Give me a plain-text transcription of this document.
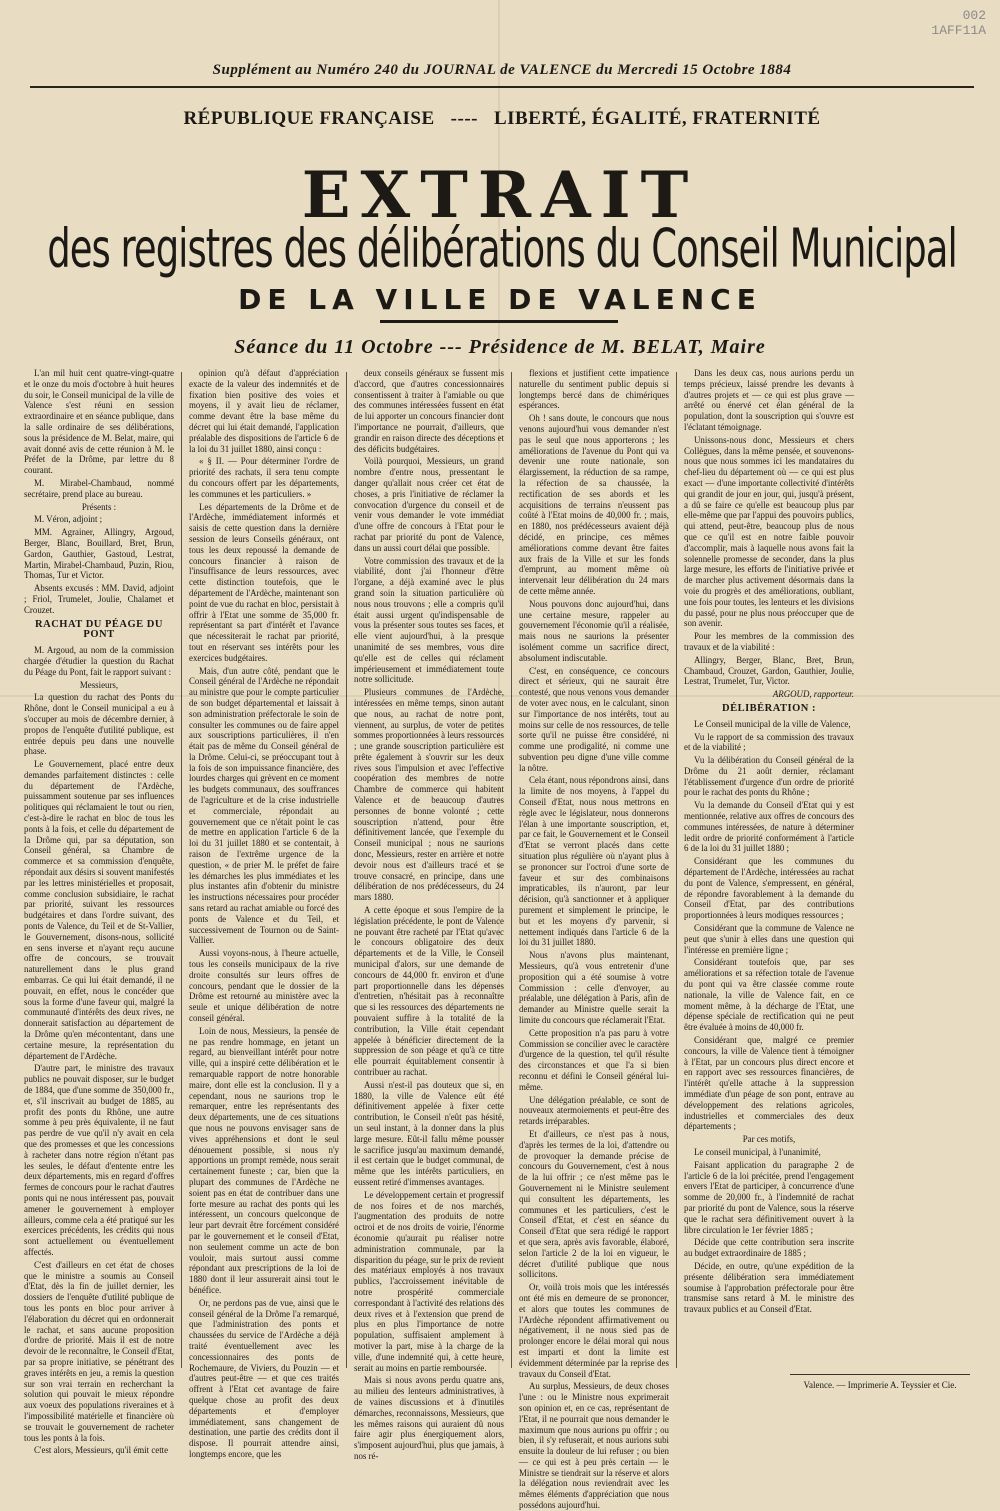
002
1AFF11A
Supplément au Numéro 240 du JOURNAL de VALENCE du Mercredi 15 Octobre 1884
RÉPUBLIQUE FRANÇAISE ---- LIBERTÉ, ÉGALITÉ, FRATERNITÉ
EXTRAIT
des registres des délibérations du Conseil Municipal
DE LA VILLE DE VALENCE
Séance du 11 Octobre --- Présidence de M. BELAT, Maire

L'an mil huit cent quatre-vingt-quatre et le onze du mois d'octobre à huit heures du soir, le Conseil municipal de la ville de Valence s'est réuni en session extraordinaire et en séance publique, dans la salle ordinaire de ses délibérations, sous la présidence de M. Belat, maire, qui avait donné avis de cette réunion à M. le Préfet de la Drôme, par lettre du 8 courant.

M. Mirabel-Chambaud, nommé secrétaire, prend place au bureau.

Présents :

M. Véron, adjoint ;

MM. Agrainer, Allingry, Argoud, Berger, Blanc, Bouillard, Bret, Brun, Gardon, Gauthier, Gastoud, Lestrat, Martin, Mirabel-Chambaud, Puzin, Riou, Thomas, Tur et Victor.

Absents excusés : MM. David, adjoint ; Friol, Trumelet, Joulie, Chalamet et Crouzet.

RACHAT DU PÉAGE DU PONT

M. Argoud, au nom de la commission chargée d'étudier la question du Rachat du Péage du Pont, fait le rapport suivant :

Messieurs,

La question du rachat des Ponts du Rhône, dont le Conseil municipal a eu à s'occuper au mois de décembre dernier, à propos de l'enquête d'utilité publique, est entrée depuis peu dans une nouvelle phase.

Le Gouvernement, placé entre deux demandes parfaitement distinctes : celle du département de l'Ardèche, puissamment soutenue par ses influences politiques qui réclamaient le tout ou rien, c'est-à-dire le rachat en bloc de tous les ponts à la fois, et celle du département de la Drôme qui, par sa députation, son Conseil général, sa Chambre de commerce et sa commission d'enquête, répondait aux désirs si souvent manifestés par les lettres ministérielles et proposait, comme conclusion subsidiaire, le rachat par priorité, suivant les ressources budgétaires et dans l'ordre suivant, des ponts de Valence, du Teil et de St-Vallier, le Gouvernement, disons-nous, sollicité en sens inverse et n'ayant reçu aucune offre de concours, se trouvait naturellement dans le plus grand embarras. Ce qui lui était demandé, il ne pouvait, en effet, nous le concéder que sous la forme d'une faveur qui, malgré la communauté d'intérêts des deux rives, ne donnerait satisfaction au département de la Drôme qu'en mécontentant, dans une certaine mesure, la représentation du département de l'Ardèche.

D'autre part, le ministre des travaux publics ne pouvait disposer, sur le budget de 1884, que d'une somme de 350,000 fr., et, s'il inscrivait au budget de 1885, au profit des ponts du Rhône, une autre somme à peu près équivalente, il ne faut pas perdre de vue qu'il n'y avait en cela que des promesses et que les concessions à racheter dans notre région n'étant pas les seules, le défaut d'entente entre les deux départements, mis en regard d'offres fermes de concours pour le rachat d'autres ponts qui ne nous intéressent pas, pouvait amener le gouvernement à employer ailleurs, comme cela a été pratiqué sur les exercices précédents, les crédits qui nous sont actuellement ou éventuellement affectés.

C'est d'ailleurs en cet état de choses que le ministre a soumis au Conseil d'Etat, dès la fin de juillet dernier, les dossiers de l'enquête d'utilité publique de tous les ponts en bloc pour arriver à l'élaboration du décret qui en ordonnerait le rachat, et sans aucune proposition d'ordre de priorité. Mais il est de notre devoir de le reconnaître, le Conseil d'Etat, par sa propre initiative, se pénétrant des graves intérêts en jeu, a remis la question sur son vrai terrain en recherchant la solution qui pouvait le mieux répondre aux voeux des populations riveraines et à l'impossibilité matérielle et financière où se trouvait le gouvernement de racheter tous les ponts à la fois.

C'est alors, Messieurs, qu'il émit cette

opinion qu'à défaut d'appréciation exacte de la valeur des indemnités et de fixation bien positive des voies et moyens, il y avait lieu de réclamer, comme devant être la base même du décret qui lui était demandé, l'application préalable des dispositions de l'article 6 de la loi du 31 juillet 1880, ainsi conçu :

« § II. — Pour déterminer l'ordre de priorité des rachats, il sera tenu compte du concours offert par les départements, les communes et les particuliers. »

Les départements de la Drôme et de l'Ardèche, immédiatement informés et saisis de cette question dans la dernière session de leurs Conseils généraux, ont tous les deux repoussé la demande de concours financier à raison de l'insuffisance de leurs ressources, avec cette distinction toutefois, que le département de l'Ardèche, maintenant son point de vue du rachat en bloc, persistait à offrir à l'Etat une somme de 35,000 fr. représentant sa part d'intérêt et l'avance que nécessiterait le rachat par priorité, tout en réservant ses intérêts pour les exercices budgétaires.

Mais, d'un autre côté, pendant que le Conseil général de l'Ardèche ne répondait au ministre que pour le compte particulier de son budget départemental et laissait à son administration préfectorale le soin de consulter les communes ou de faire appel aux souscriptions particulières, il n'en était pas de même du Conseil général de la Drôme. Celui-ci, se préoccupant tout à la fois de son impuissance financière, des lourdes charges qui grèvent en ce moment les budgets communaux, des souffrances de l'agriculture et de la crise industrielle et commerciale, répondait au gouvernement que ce n'était point le cas de mettre en application l'article 6 de la loi du 31 juillet 1880 et se contentait, à raison de l'extrême urgence de la question, « de prier M. le préfet de faire les démarches les plus immédiates et les plus instantes afin d'obtenir du ministre les instructions nécessaires pour procéder sans retard au rachat amiable ou forcé des ponts de Valence et du Teil, et successivement de Tournon ou de Saint-Vallier.

Aussi voyons-nous, à l'heure actuelle, tous les conseils municipaux de la rive droite consultés sur leurs offres de concours, pendant que le dossier de la Drôme est retourné au ministère avec la seule et unique délibération de notre conseil général.

Loin de nous, Messieurs, la pensée de ne pas rendre hommage, en jetant un regard, au bienveillant intérêt pour notre ville, qui a inspiré cette délibération et le remarquable rapport de notre honorable maire, dont elle est la conclusion. Il y a cependant, nous ne saurions trop le remarquer, entre les représentants des deux départements, une de ces situations que nous ne pouvons envisager sans de vives appréhensions et dont le seul dénouement possible, si nous n'y apportions un prompt remède, nous serait certainement funeste ; car, bien que la plupart des communes de l'Ardèche ne soient pas en état de contribuer dans une forte mesure au rachat des ponts qui les intéressent, un concours quelconque de leur part devrait être forcément considéré par le gouvernement et le conseil d'Etat, non seulement comme un acte de bon vouloir, mais surtout aussi comme répondant aux prescriptions de la loi de 1880 dont il leur assurerait ainsi tout le bénéfice.

Or, ne perdons pas de vue, ainsi que le conseil général de la Drôme l'a remarqué, que l'administration des ponts et chaussées du service de l'Ardèche a déjà traité éventuellement avec les concessionnaires des ponts de Rochemaure, de Viviers, du Pouzin — et d'autres peut-être — et que ces traités offrent à l'Etat cet avantage de faire quelque chose au profit des deux départements et d'employer immédiatement, sans changement de destination, une partie des crédits dont il dispose. Il pourrait attendre ainsi, longtemps encore, que les

deux conseils généraux se fussent mis d'accord, que d'autres concessionnaires consentissent à traiter à l'amiable ou que des communes intéressées fussent en état de lui apporter un concours financier dont l'importance ne pourrait, d'ailleurs, que grandir en raison directe des déceptions et des déficits budgétaires.

Voilà pourquoi, Messieurs, un grand nombre d'entre nous, pressentant le danger qu'allait nous créer cet état de choses, a pris l'initiative de réclamer la convocation d'urgence du conseil et de venir vous demander le vote immédiat d'une offre de concours à l'Etat pour le rachat par priorité du pont de Valence, dans un aussi court délai que possible.

Votre commission des travaux et de la viabilité, dont j'ai l'honneur d'être l'organe, a déjà examiné avec le plus grand soin la situation particulière où nous nous trouvons ; elle a compris qu'il était aussi urgent qu'indispensable de vous la présenter sous toutes ses faces, et elle vient aujourd'hui, à la presque unanimité de ses membres, vous dire qu'elle est de celles qui réclament impérieusement et immédiatement toute notre sollicitude.

Plusieurs communes de l'Ardèche, intéressées en même temps, sinon autant que nous, au rachat de notre pont, viennent, au surplus, de voter de petites sommes proportionnées à leurs ressources ; une grande souscription particulière est prête également à s'ouvrir sur les deux rives sous l'impulsion et avec l'effective coopération des membres de notre Chambre de commerce qui habitent Valence et de beaucoup d'autres personnes de bonne volonté ; cette souscription n'attend, pour être définitivement lancée, que l'exemple du Conseil municipal ; nous ne saurions donc, Messieurs, rester en arrière et notre devoir nous est d'ailleurs tracé et se trouve consacré, en principe, dans une délibération de nos prédécesseurs, du 24 mars 1880.

A cette époque et sous l'empire de la législation précédente, le pont de Valence ne pouvant être racheté par l'Etat qu'avec le concours obligatoire des deux départements et de la Ville, le Conseil municipal d'alors, sur une demande de concours de 44,000 fr. environ et d'une part proportionnelle dans les dépenses d'entretien, n'hésitait pas à reconnaître que si les ressources des départements ne pouvaient suffire à la totalité de la contribution, la Ville était cependant appelée à bénéficier directement de la suppression de son péage et qu'à ce titre elle pourrait équitablement consentir à contribuer au rachat.

Aussi n'est-il pas douteux que si, en 1880, la ville de Valence eût été définitivement appelée à fixer cette contribution, le Conseil n'eût pas hésité, un seul instant, à la donner dans la plus large mesure. Eût-il fallu même pousser le sacrifice jusqu'au maximum demandé, il est certain que le budget communal, de même que les intérêts particuliers, en eussent retiré d'immenses avantages.

Le développement certain et progressif de nos foires et de nos marchés, l'augmentation des produits de notre octroi et de nos droits de voirie, l'énorme économie qu'aurait pu réaliser notre administration communale, par la disparition du péage, sur le prix de revient des matériaux employés à nos travaux publics, l'accroissement inévitable de notre prospérité commerciale correspondant à l'activité des relations des deux rives et à l'extension que prend de plus en plus l'importance de notre population, suffisaient amplement à motiver la part, mise à la charge de la ville, d'une indemnité qui, à cette heure, serait au moins en partie remboursée.

Mais si nous avons perdu quatre ans, au milieu des lenteurs administratives, à de vaines discussions et à d'inutiles démarches, reconnaissons, Messieurs, que les mêmes raisons qui auraient dû nous faire agir plus énergiquement alors, s'imposent aujourd'hui, plus que jamais, à nos ré-

flexions et justifient cette impatience naturelle du sentiment public depuis si longtemps bercé dans de chimériques espérances.

Oh ! sans doute, le concours que nous venons aujourd'hui vous demander n'est pas le seul que nous apporterons ; les améliorations de l'avenue du Pont qui va devenir une route nationale, son élargissement, la réduction de sa rampe, la réfection de sa chaussée, la rectification de ses abords et les acquisitions de terrains n'eussent pas coûté à l'Etat moins de 40,000 fr. ; mais, en 1880, nos prédécesseurs avaient déjà décidé, en principe, ces mêmes améliorations comme devant être faites aux frais de la Ville et sur les fonds d'emprunt, au moment même où intervenait leur délibération du 24 mars de cette même année.

Nous pouvons donc aujourd'hui, dans une certaine mesure, rappeler au gouvernement l'économie qu'il a réalisée, mais nous ne saurions la présenter isolément comme un sacrifice direct, absolument indiscutable.

C'est, en conséquence, ce concours direct et sérieux, qui ne saurait être contesté, que nous venons vous demander de voter avec nous, en le calculant, sinon sur l'importance de nos intérêts, tout au moins sur celle de nos ressources, de telle sorte qu'il ne puisse être considéré, ni comme une prodigalité, ni comme une subvention peu digne d'une ville comme la nôtre.

Cela étant, nous répondrons ainsi, dans la limite de nos moyens, à l'appel du Conseil d'Etat, nous nous mettrons en règle avec le législateur, nous donnerons l'élan à une importante souscription, et, par ce fait, le Gouvernement et le Conseil d'Etat se verront placés dans cette situation plus régulière où n'ayant plus à se prononcer sur l'octroi d'une sorte de faveur et sur des combinaisons impraticables, ils n'auront, par leur décision, qu'à sanctionner et à appliquer purement et simplement le principe, le but et les moyens d'y parvenir, si nettement indiqués dans l'article 6 de la loi du 31 juillet 1880.

Nous n'avons plus maintenant, Messieurs, qu'à vous entretenir d'une proposition qui a été soumise à votre Commission : celle d'envoyer, au préalable, une délégation à Paris, afin de demander au Ministre quelle serait la limite du concours que réclamerait l'Etat.

Cette proposition n'a pas paru à votre Commission se concilier avec le caractère d'urgence de la question, tel qu'il résulte des circonstances et que l'a si bien reconnu et défini le Conseil général lui-même.

Une délégation préalable, ce sont de nouveaux atermoiements et peut-être des retards irréparables.

Et d'ailleurs, ce n'est pas à nous, d'après les termes de la loi, d'attendre ou de provoquer la demande précise de concours du Gouvernement, c'est à nous de la lui offrir ; ce n'est même pas le Gouvernement ni le Ministre seulement qui consultent les départements, les communes et les particuliers, c'est le Conseil d'Etat, et c'est en séance du Conseil d'Etat que sera rédigé le rapport et que sera, après avis favorable, élaboré, selon l'article 2 de la loi en vigueur, le décret d'utilité publique que nous sollicitons.

Or, voilà trois mois que les intéressés ont été mis en demeure de se prononcer, et alors que toutes les communes de l'Ardèche répondent affirmativement ou négativement, il ne nous sied pas de prolonger encore le délai moral qui nous est imparti et dont la limite est évidemment déterminée par la reprise des travaux du Conseil d'Etat.

Au surplus, Messieurs, de deux choses l'une : ou le Ministre nous exprimerait son opinion et, en ce cas, représentant de l'Etat, il ne pourrait que nous demander le maximum que nous aurions pu offrir ; ou bien, il s'y refuserait, et nous aurions subi ensuite la douleur de lui refuser ; ou bien — ce qui est à peu près certain — le Ministre se tiendrait sur la réserve et alors la délégation nous reviendrait avec les mêmes éléments d'appréciation que nous possédons aujourd'hui.

Dans les deux cas, nous aurions perdu un temps précieux, laissé prendre les devants à d'autres projets et — ce qui est plus grave — arrêté ou énervé cet élan général de la population, dont la souscription qui s'ouvre est l'éclatant témoignage.

Unissons-nous donc, Messieurs et chers Collègues, dans la même pensée, et souvenons-nous que nous sommes ici les mandataires du chef-lieu du département où — ce qui est plus exact — d'une importante collectivité d'intérêts qui grandit de jour en jour, qui, jusqu'à présent, a dû se faire ce qu'elle est beaucoup plus par elle-même que par l'appui des pouvoirs publics, qui attend, peut-être, beaucoup plus de nous que ce qu'il est en notre faible pouvoir d'accomplir, mais à laquelle nous avons fait la solennelle promesse de seconder, dans la plus large mesure, les efforts de l'initiative privée et de marcher plus activement désormais dans la voie du progrès et des améliorations, oubliant, une fois pour toutes, les lenteurs et les divisions du passé, pour ne plus nous préoccuper que de son avenir.

Pour les membres de la commission des travaux et de la viabilité :

Allingry, Berger, Blanc, Bret, Brun, Chambaud, Crouzet, Gardon, Gauthier, Joulie, Lestrat, Trumelet, Tur, Victor.

ARGOUD, rapporteur.

DÉLIBÉRATION :

Le Conseil municipal de la ville de Valence,

Vu le rapport de sa commission des travaux et de la viabilité ;

Vu la délibération du Conseil général de la Drôme du 21 août dernier, réclamant l'établissement d'urgence d'un ordre de priorité pour le rachat des ponts du Rhône ;

Vu la demande du Conseil d'Etat qui y est mentionnée, relative aux offres de concours des communes intéressées, de nature à déterminer ledit ordre de priorité conformément à l'article 6 de la loi du 31 juillet 1880 ;

Considérant que les communes du département de l'Ardèche, intéressées au rachat du pont de Valence, s'empressent, en général, de répondre favorablement à la demande du Conseil d'Etat, par des contributions proportionnées à leurs modiques ressources ;

Considérant que la commune de Valence ne peut que s'unir à elles dans une question qui l'intéresse en première ligne ;

Considérant toutefois que, par ses améliorations et sa réfection totale de l'avenue du pont qui va être classée comme route nationale, la ville de Valence fait, en ce moment même, à la décharge de l'Etat, une dépense spéciale de rectification qui ne peut être évaluée à moins de 40,000 fr.

Considérant que, malgré ce premier concours, la ville de Valence tient à témoigner à l'Etat, par un concours plus direct encore et en rapport avec ses ressources financières, de l'intérêt qu'elle attache à la suppression immédiate d'un péage de son pont, entrave au développement des relations agricoles, industrielles et commerciales des deux départements ;

Par ces motifs,

Le conseil municipal, à l'unanimité,

Faisant application du paragraphe 2 de l'article 6 de la loi précitée, prend l'engagement envers l'Etat de participer, à concurrence d'une somme de 20,000 fr., à l'indemnité de rachat par priorité du pont de Valence, sous la réserve que le rachat sera définitivement ouvert à la libre circulation le 1er février 1885 ;

Décide que cette contribution sera inscrite au budget extraordinaire de 1885 ;

Décide, en outre, qu'une expédition de la présente délibération sera immédiatement soumise à l'approbation préfectorale pour être transmise sans retard à M. le ministre des travaux publics et au Conseil d'Etat.

Valence. — Imprimerie A. Teyssier et Cie.
